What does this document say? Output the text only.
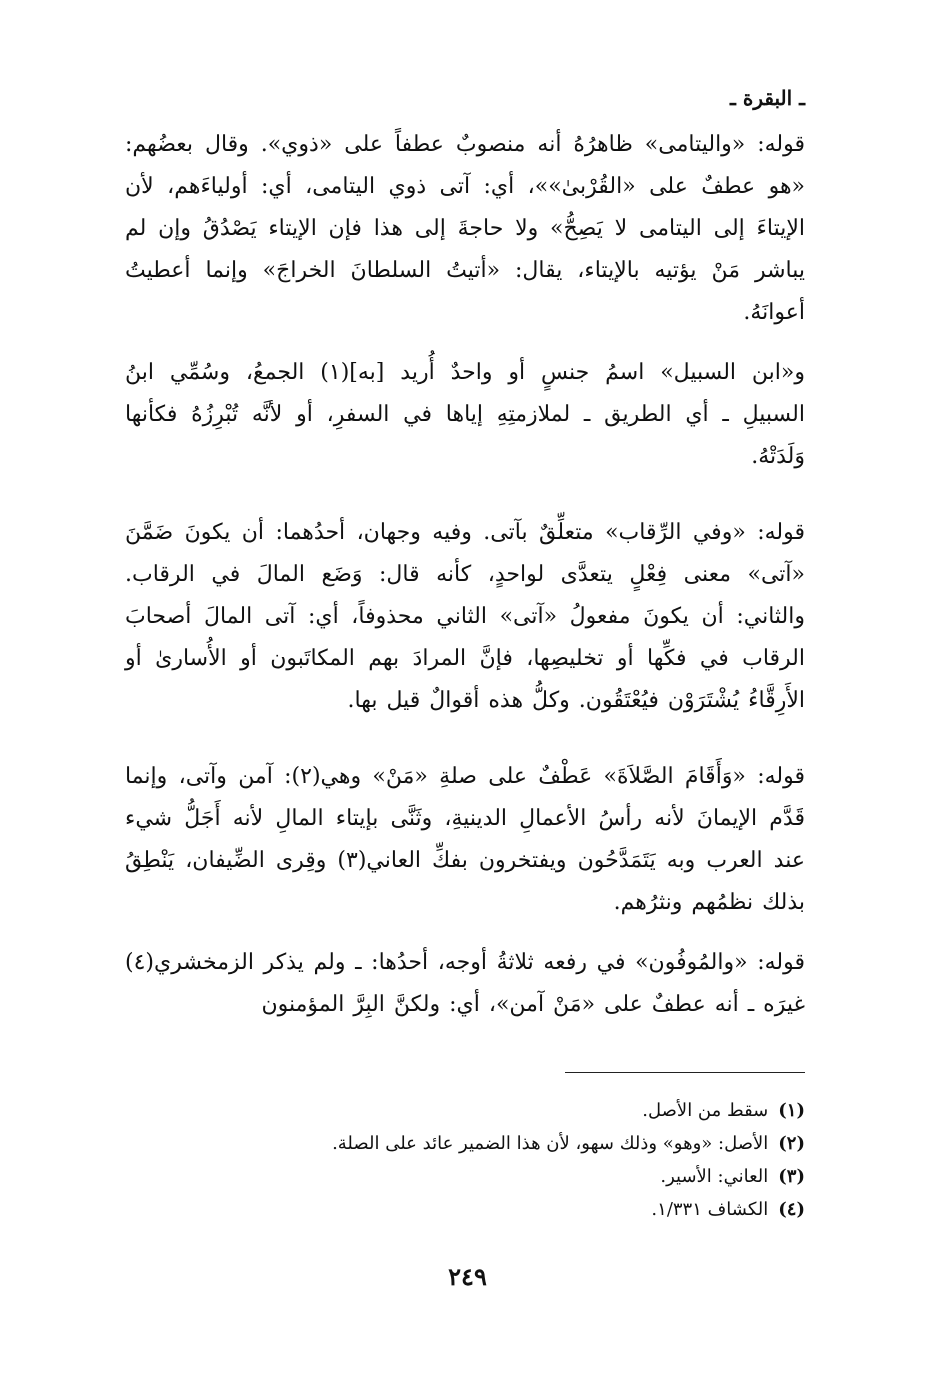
ـ البقرة ـ

قوله: «واليتامى» ظاهرُهُ أنه منصوبٌ عطفاً على «ذوي». وقال بعضُهم: «هو عطفٌ على «القُرْبىٰ»»، أي: آتى ذوي اليتامى، أي: أولياءَهم، لأن الإيتاءَ إلى اليتامى لا يَصِحُّ» ولا حاجةَ إلى هذا فإن الإيتاء يَصْدُقُ وإن لم يباشر مَنْ يؤتيه بالإيتاء، يقال: «أتيتُ السلطانَ الخراجَ» وإنما أعطيتُ أعوانَهُ.

و«ابن السبيل» اسمُ جنسٍ أو واحدٌ أُريد [به](١) الجمعُ، وسُمِّي ابنُ السبيلِ ـ أي الطريق ـ لملازمتِهِ إياها في السفرِ، أو لأنَّه تُبْرِزُهُ فكأنها وَلَدَتْهُ.

قوله: «وفي الرِّقاب» متعلِّقٌ بآتى. وفيه وجهان، أحدُهما: أن يكونَ ضَمَّنَ «آتى» معنى فِعْلٍ يتعدَّى لواحدٍ، كأنه قال: وَضَع المالَ في الرقاب. والثاني: أن يكونَ مفعولُ «آتى» الثاني محذوفاً، أي: آتى المالَ أصحابَ الرقاب في فكِّها أو تخليصِها، فإنَّ المرادَ بهم المكاتَبون أو الأُسارىٰ أو الأَرِقَّاءُ يُشْتَرَوْن فيُعْتَقُون. وكلُّ هذه أقوالٌ قيل بها.

قوله: «وَأَقَامَ الصَّلاَةَ» عَطْفٌ على صلةِ «مَنْ» وهي(٢): آمن وآتى، وإنما قَدَّم الإيمانَ لأنه رأسُ الأعمالِ الدينيةِ، وثَنَّى بإيتاء المالِ لأنه أَجَلُّ شيء عند العرب وبه يَتَمَدَّحُون ويفتخرون بفكِّ العاني(٣) وقِرى الضِّيفان، يَنْطِقُ بذلك نظمُهم ونثرُهم.

قوله: «والمُوفُون» في رفعه ثلاثةُ أوجه، أحدُها: ـ ولم يذكر الزمخشري(٤) غيرَه ـ أنه عطفٌ على «مَنْ آمن»، أي: ولكنَّ البِرَّ المؤمنون

(١)
سقط من الأصل.
(٢)
الأصل: «وهو» وذلك سهو، لأن هذا الضمير عائد على الصلة.
(٣)
العاني: الأسير.
(٤)
الكشاف ١/٣٣١.
٢٤٩
